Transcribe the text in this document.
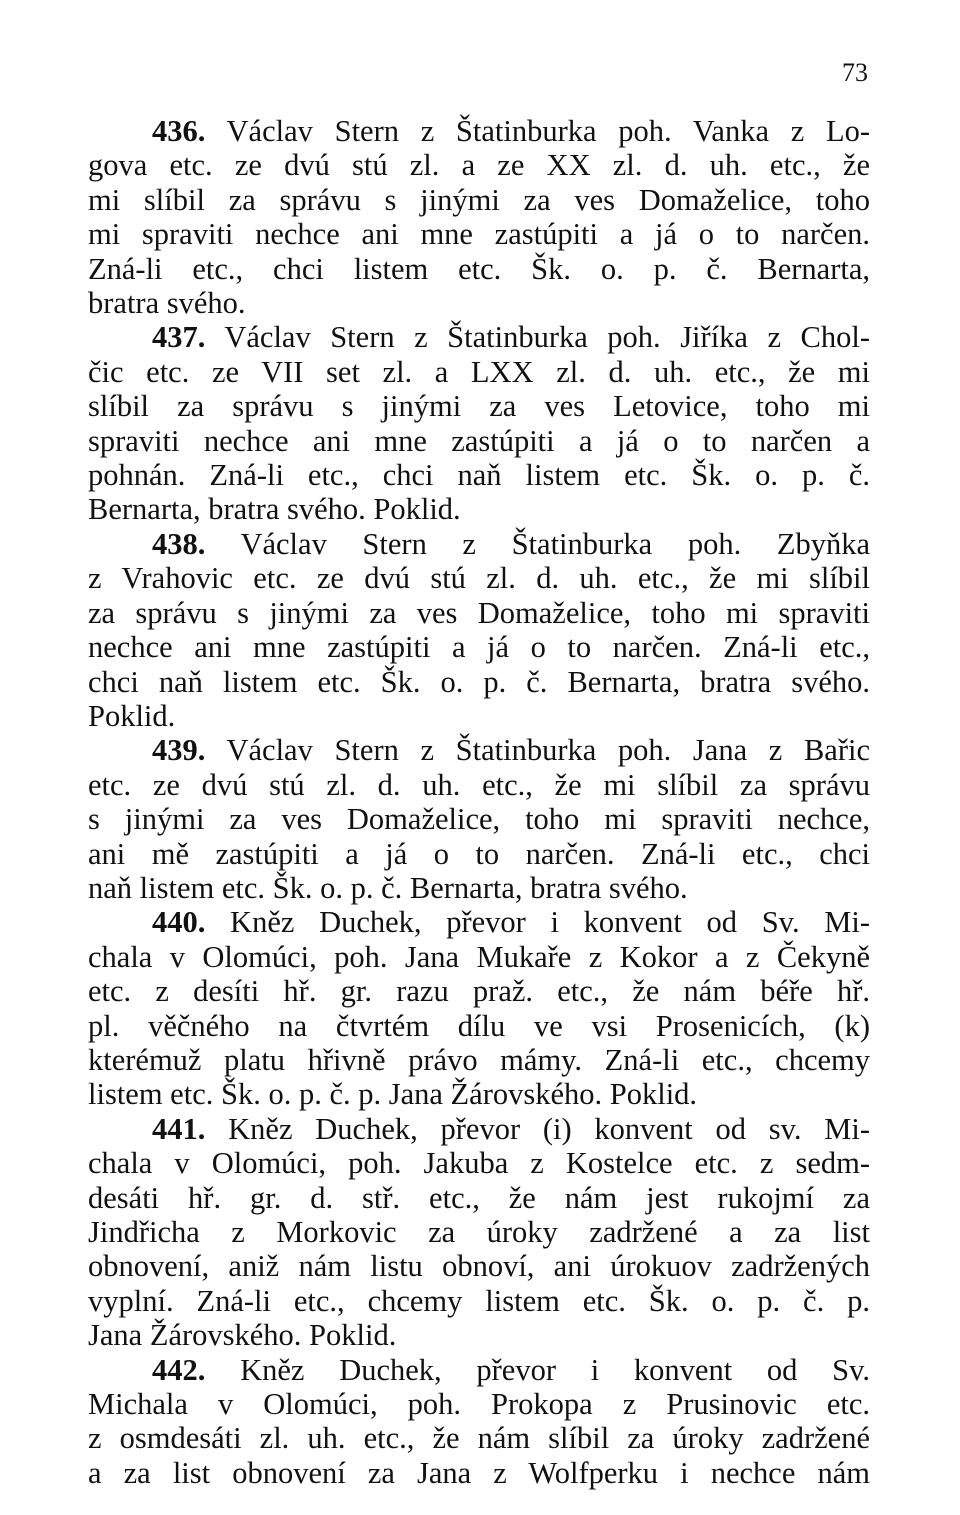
73
436. Václav Stern z Štatinburka poh. Vanka z Lo-
gova etc. ze dvú stú zl. a ze XX zl. d. uh. etc., že
mi slíbil za správu s jinými za ves Domaželice, toho
mi spraviti nechce ani mne zastúpiti a já o to narčen.
Zná-li etc., chci listem etc. Šk. o. p. č. Bernarta,
bratra svého.
437. Václav Stern z Štatinburka poh. Jiříka z Chol-
čic etc. ze VII set zl. a LXX zl. d. uh. etc., že mi
slíbil za správu s jinými za ves Letovice, toho mi
spraviti nechce ani mne zastúpiti a já o to narčen a
pohnán. Zná-li etc., chci naň listem etc. Šk. o. p. č.
Bernarta, bratra svého. Poklid.
438. Václav Stern z Štatinburka poh. Zbyňka
z Vrahovic etc. ze dvú stú zl. d. uh. etc., že mi slíbil
za správu s jinými za ves Domaželice, toho mi spraviti
nechce ani mne zastúpiti a já o to narčen. Zná-li etc.,
chci naň listem etc. Šk. o. p. č. Bernarta, bratra svého.
Poklid.
439. Václav Stern z Štatinburka poh. Jana z Bařic
etc. ze dvú stú zl. d. uh. etc., že mi slíbil za správu
s jinými za ves Domaželice, toho mi spraviti nechce,
ani mě zastúpiti a já o to narčen. Zná-li etc., chci
naň listem etc. Šk. o. p. č. Bernarta, bratra svého.
440. Kněz Duchek, převor i konvent od Sv. Mi-
chala v Olomúci, poh. Jana Mukaře z Kokor a z Čekyně
etc. z desíti hř. gr. razu praž. etc., že nám béře hř.
pl. věčného na čtvrtém dílu ve vsi Prosenicích, (k)
kterémuž platu hřivně právo mámy. Zná-li etc., chcemy
listem etc. Šk. o. p. č. p. Jana Žárovského. Poklid.
441. Kněz Duchek, převor (i) konvent od sv. Mi-
chala v Olomúci, poh. Jakuba z Kostelce etc. z sedm-
desáti hř. gr. d. stř. etc., že nám jest rukojmí za
Jindřicha z Morkovic za úroky zadržené a za list
obnovení, aniž nám listu obnoví, ani úrokuov zadržených
vyplní. Zná-li etc., chcemy listem etc. Šk. o. p. č. p.
Jana Žárovského. Poklid.
442. Kněz Duchek, převor i konvent od Sv.
Michala v Olomúci, poh. Prokopa z Prusinovic etc.
z osmdesáti zl. uh. etc., že nám slíbil za úroky zadržené
a za list obnovení za Jana z Wolfperku i nechce nám
